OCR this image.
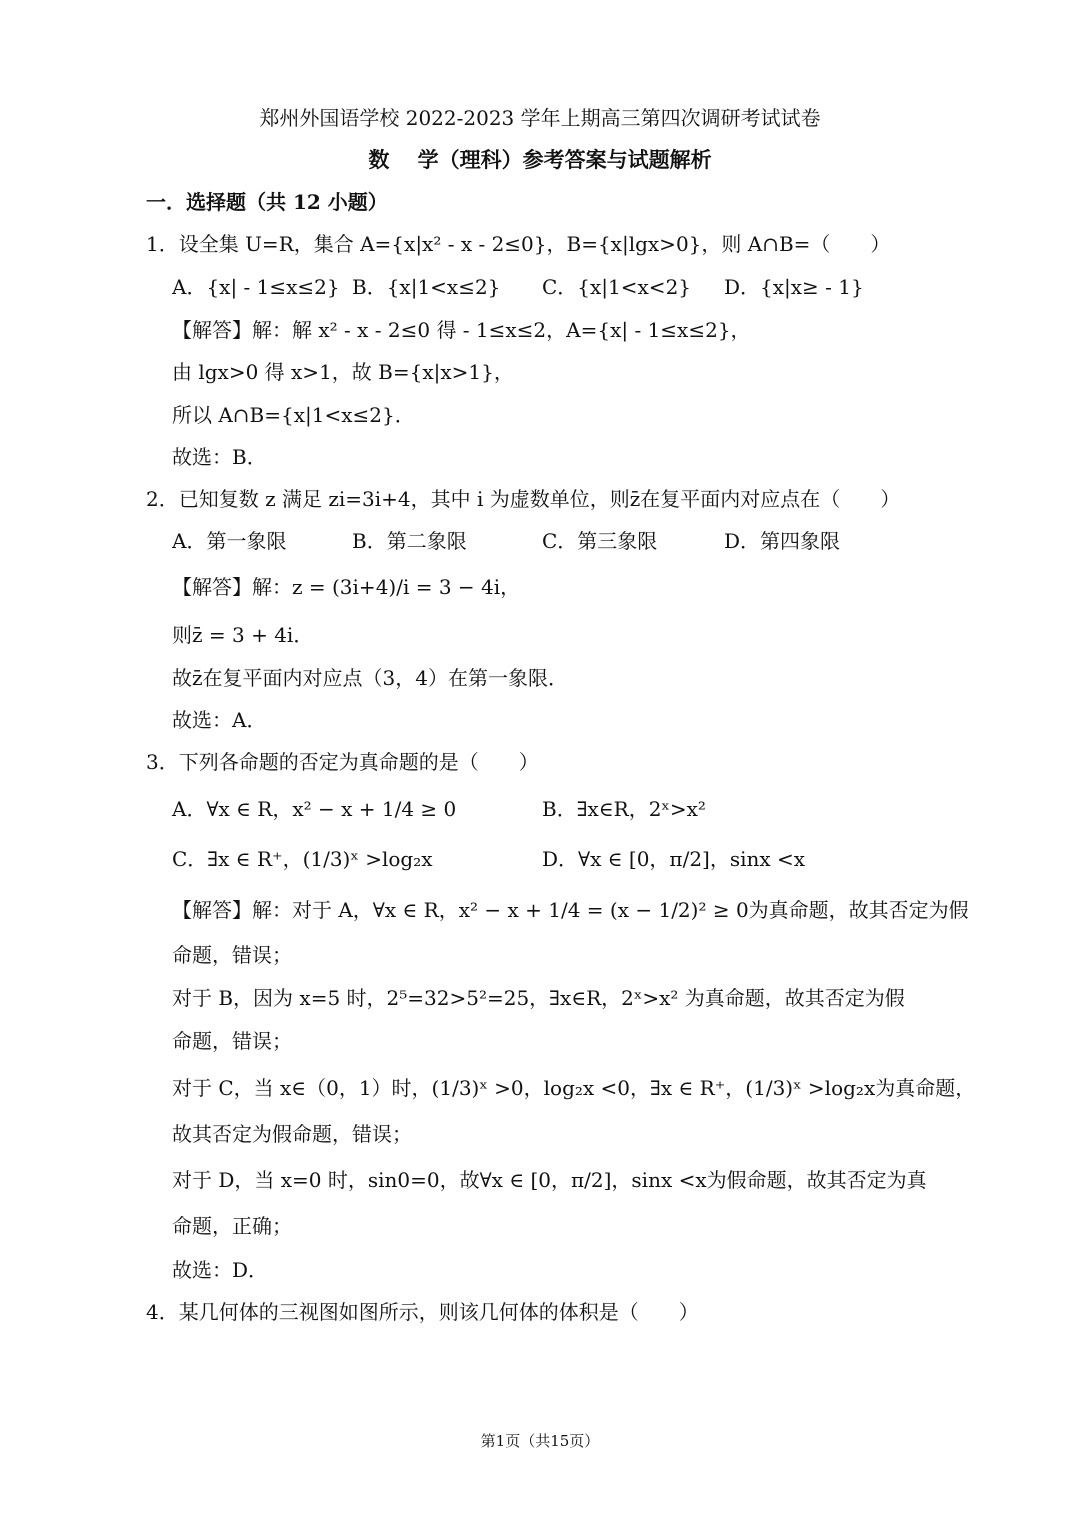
郑州外国语学校 2022-2023 学年上期高三第四次调研考试试卷
数　 学（理科）参考答案与试题解析
一．选择题（共 12 小题）
1．设全集 U=R，集合 A={x|x² - x - 2≤0}，B={x|lgx>0}，则 A∩B=（　　）
A．{x| - 1≤x≤2} B．{x|1<x≤2} C．{x|1<x<2} D．{x|x≥ - 1}
【解答】解：解 x² - x - 2≤0 得 - 1≤x≤2，A={x| - 1≤x≤2}，
由 lgx>0 得 x>1，故 B={x|x>1}，
所以 A∩B={x|1<x≤2}．
故选：B．
2．已知复数 z 满足 zi=3i+4，其中 i 为虚数单位，则z̄在复平面内对应点在（　　）
A．第一象限	B．第二象限	C．第三象限	D．第四象限
【解答】解：z = (3i+4)/i = 3 − 4i，
则z̄ = 3 + 4i．
故z̄在复平面内对应点（3，4）在第一象限．
故选：A．
3．下列各命题的否定为真命题的是（　　）
A．∀x ∈ R，x² − x + 1/4 ≥ 0	B．∃x∈R，2ˣ>x²
C．∃x ∈ R⁺，(1/3)ˣ >log₂x	D．∀x ∈ [0，π/2]，sinx <x
【解答】解：对于 A，∀x ∈ R，x² − x + 1/4 = (x − 1/2)² ≥ 0为真命题，故其否定为假
命题，错误；
对于 B，因为 x=5 时，2⁵=32>5²=25，∃x∈R，2ˣ>x² 为真命题，故其否定为假
命题，错误；
对于 C，当 x∈（0，1）时，(1/3)ˣ >0，log₂x <0，∃x ∈ R⁺，(1/3)ˣ >log₂x为真命题，
故其否定为假命题，错误；
对于 D，当 x=0 时，sin0=0，故∀x ∈ [0，π/2]，sinx <x为假命题，故其否定为真
命题，正确；
故选：D．
4．某几何体的三视图如图所示，则该几何体的体积是（　　）
第1页（共15页）
